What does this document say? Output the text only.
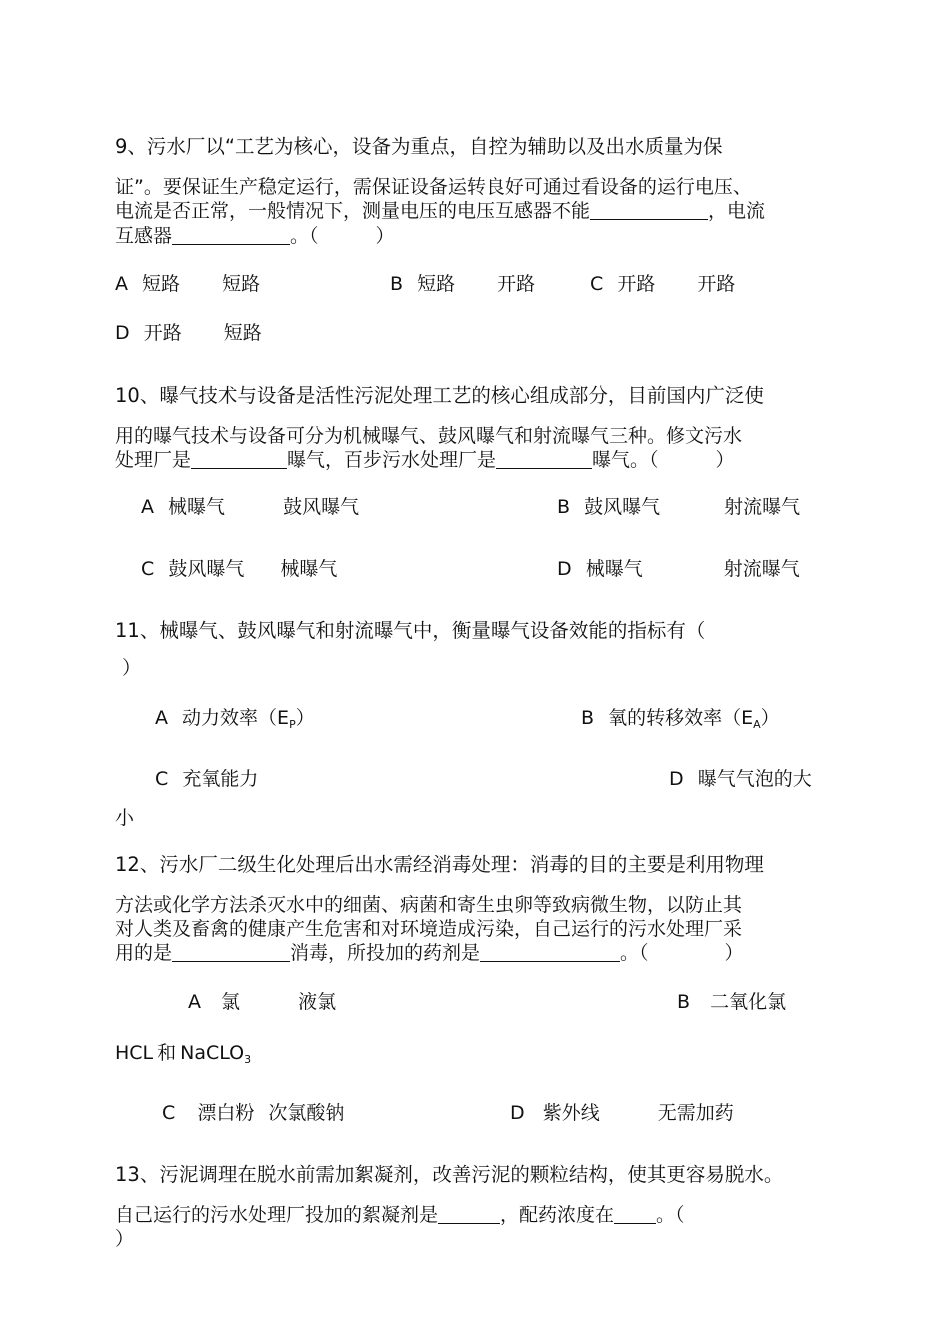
9、污水厂以“工艺为核心，设备为重点，自控为辅助以及出水质量为保
证”。要保证生产稳定运行，需保证设备运转良好可通过看设备的运行电压、
电流是否正常，一般情况下，测量电压的电压互感器不能	，电流
互感器	。（　　　）
A 短路 短路	B 短路 开路	C 开路 开路
D 开路 短路
10、曝气技术与设备是活性污泥处理工艺的核心组成部分，目前国内广泛使
用的曝气技术与设备可分为机械曝气、鼓风曝气和射流曝气三种。修文污水
处理厂是	曝气，百步污水处理厂是	曝气。（　　　）
A 械曝气	鼓风曝气	B 鼓风曝气	射流曝气
C 鼓风曝气 械曝气	D 械曝气	射流曝气
11、械曝气、鼓风曝气和射流曝气中，衡量曝气设备效能的指标有（
）
A 动力效率$(E_P)$	B 氧的转移效率$(E_A)$
C 充氧能力	D 曝气气泡的大
小
12、污水厂二级生化处理后出水需经消毒处理：消毒的目的主要是利用物理
方法或化学方法杀灭水中的细菌、病菌和寄生虫卵等致病微生物，以防止其
对人类及畜禽的健康产生危害和对环境造成污染，自己运行的污水处理厂采
用的是	消毒，所投加的药剂是	。（　　　　）
A 氯	液氯	B 二氧化氯
HCL 和 NaCLO$_3$
C 漂白粉 次氯酸钠	D 紫外线	无需加药
13、污泥调理在脱水前需加絮凝剂，改善污泥的颗粒结构，使其更容易脱水。
自己运行的污水处理厂投加的絮凝剂是	，配药浓度在 。（
）
